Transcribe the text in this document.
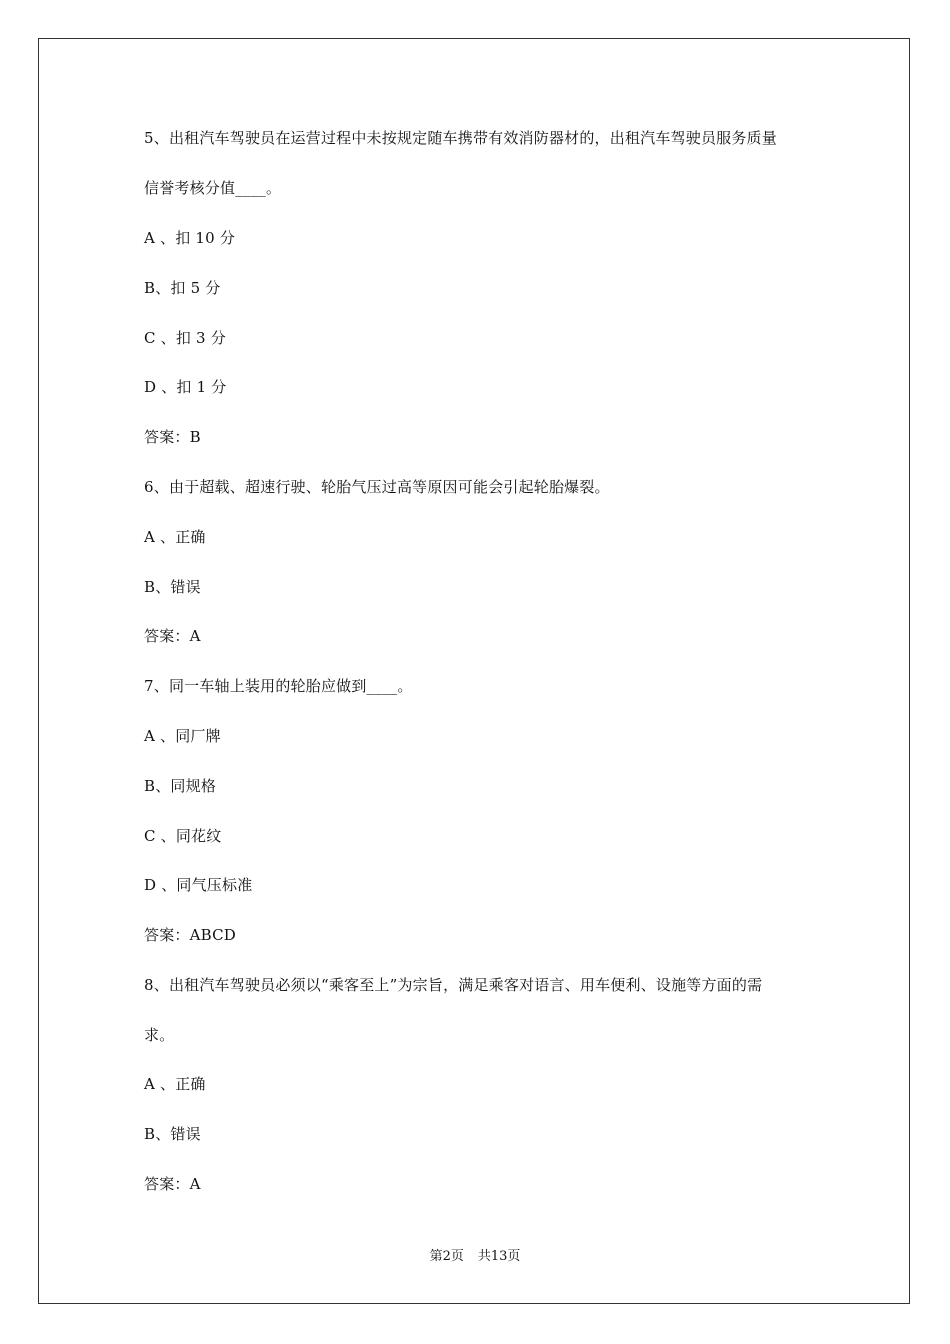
5、出租汽车驾驶员在运营过程中未按规定随车携带有效消防器材的，出租汽车驾驶员服务质量
信誉考核分值____。
A 、扣 10 分
B、扣 5 分
C 、扣 3 分
D 、扣 1 分
答案：B
6、由于超载、超速行驶、轮胎气压过高等原因可能会引起轮胎爆裂。
A 、正确
B、错误
答案：A
7、同一车轴上装用的轮胎应做到____。
A 、同厂牌
B、同规格
C 、同花纹
D 、同气压标准
答案：ABCD
8、出租汽车驾驶员必须以“乘客至上”为宗旨，满足乘客对语言、用车便利、设施等方面的需
求。
A 、正确
B、错误
答案：A
第2页 共13页
